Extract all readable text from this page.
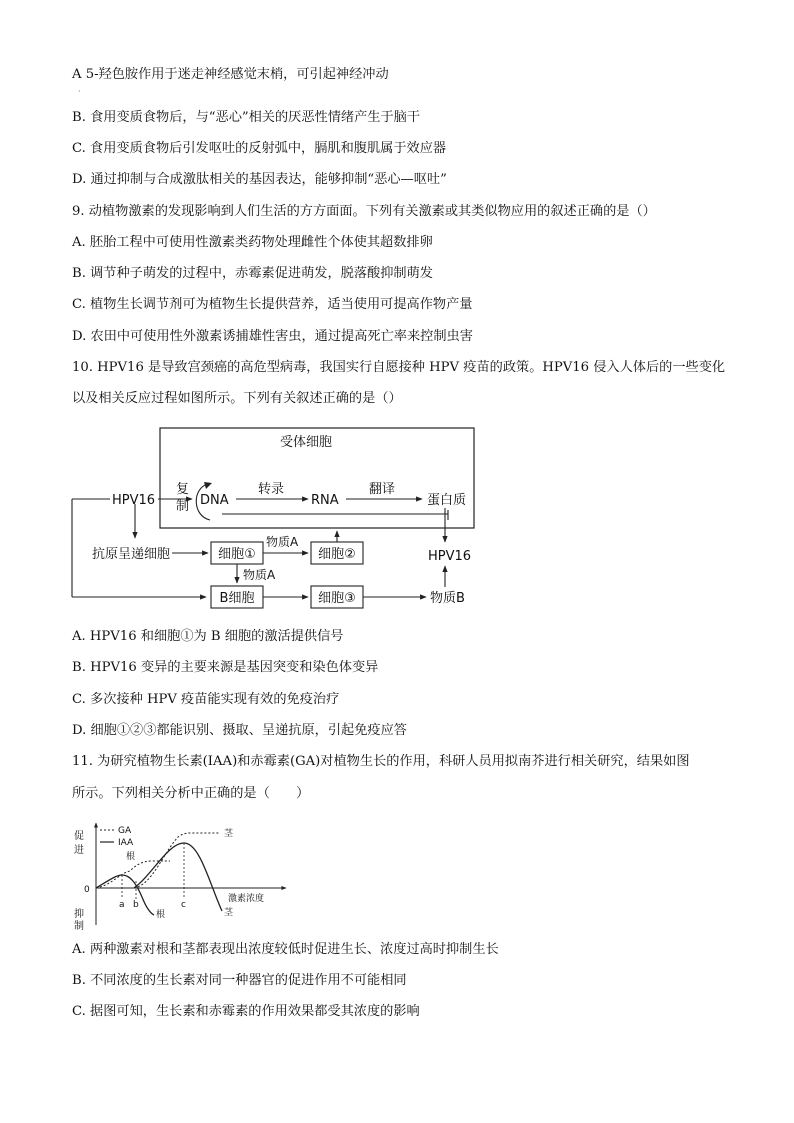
A 5-羟色胺作用于迷走神经感觉末梢，可引起神经冲动
·
B. 食用变质食物后，与“恶心”相关的厌恶性情绪产生于脑干
C. 食用变质食物后引发呕吐的反射弧中，膈肌和腹肌属于效应器
D. 通过抑制与合成激肽相关的基因表达，能够抑制“恶心—呕吐”
9. 动植物激素的发现影响到人们生活的方方面面。下列有关激素或其类似物应用的叙述正确的是（）
A. 胚胎工程中可使用性激素类药物处理雌性个体使其超数排卵
B. 调节种子萌发的过程中，赤霉素促进萌发，脱落酸抑制萌发
C. 植物生长调节剂可为植物生长提供营养，适当使用可提高作物产量
D. 农田中可使用性外激素诱捕雄性害虫，通过提高死亡率来控制虫害
10. HPV16 是导致宫颈癌的高危型病毒，我国实行自愿接种 HPV 疫苗的政策。HPV16 侵入人体后的一些变化
以及相关反应过程如图所示。下列有关叙述正确的是（）
受体细胞
HPV16
复
制 DNA
转录
RNA
翻译
蛋白质
HPV16
抗原呈递细胞	细胞①
物质A
细胞②
物质A
B细胞	细胞③	物质B
A. HPV16 和细胞①为 B 细胞的激活提供信号
B. HPV16 变异的主要来源是基因突变和染色体变异
C. 多次接种 HPV 疫苗能实现有效的免疫治疗
D. 细胞①②③都能识别、摄取、呈递抗原，引起免疫应答
11. 为研究植物生长素(IAA)和赤霉素(GA)对植物生长的作用，科研人员用拟南芥进行相关研究，结果如图
所示。下列相关分析中正确的是（　　）
促
进
抑
制
0
激素浓度
GA
IAA
a b	c
根
茎
根	茎
A. 两种激素对根和茎都表现出浓度较低时促进生长、浓度过高时抑制生长
B. 不同浓度的生长素对同一种器官的促进作用不可能相同
C. 据图可知，生长素和赤霉素的作用效果都受其浓度的影响
